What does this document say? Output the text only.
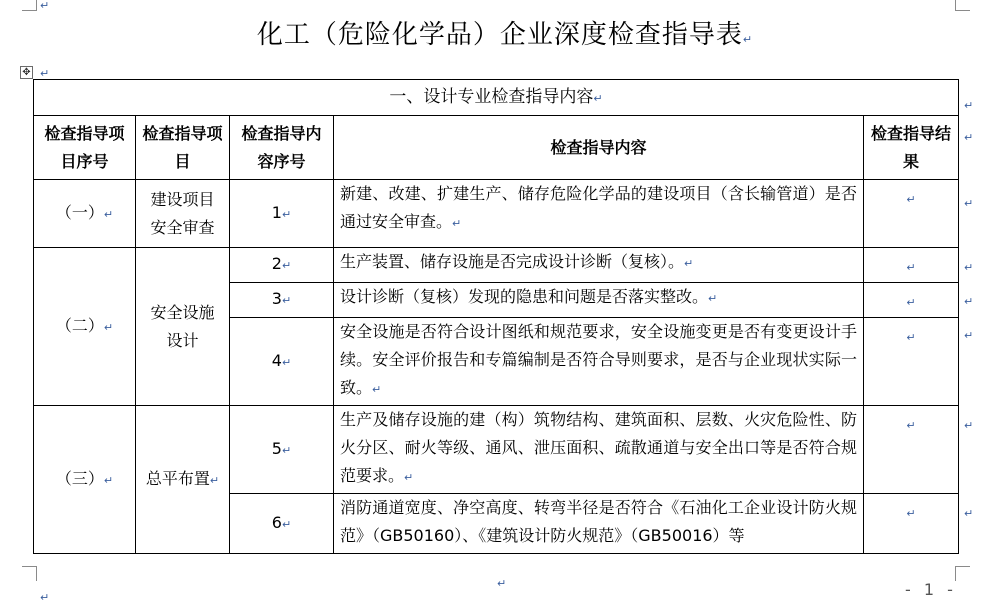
化工（危险化学品）企业深度检查指导表↵
✥
一、设计专业检查指导内容↵				

检查指导项目序号	检查指导项目	检查指导内容序号	检查指导内容	检查指导结果

（一）↵	建设项目安全审查	1↵	新建、改建、扩建生产、储存危险化学品的建设项目（含长输管道）是否通过安全审查。↵	↵
（二）↵	安全设施设计	2↵	生产装置、储存设施是否完成设计诊断（复核）。↵	↵
		3↵	设计诊断（复核）发现的隐患和问题是否落实整改。↵	↵
		4↵	安全设施是否符合设计图纸和规范要求，安全设施变更是否有变更设计手续。安全评价报告和专篇编制是否符合导则要求，是否与企业现状实际一致。↵	↵
（三）↵	总平布置↵	5↵	生产及储存设施的建（构）筑物结构、建筑面积、层数、火灾危险性、防火分区、耐火等级、通风、泄压面积、疏散通道与安全出口等是否符合规范要求。↵	↵
		6↵	消防通道宽度、净空高度、转弯半径是否符合《石油化工企业设计防火规范》（GB50160）、《建筑设计防火规范》（GB50016）等	↵
↵
↵
↵
↵
↵
↵
↵
↵
↵
↵
↵
↵	- 1 -
